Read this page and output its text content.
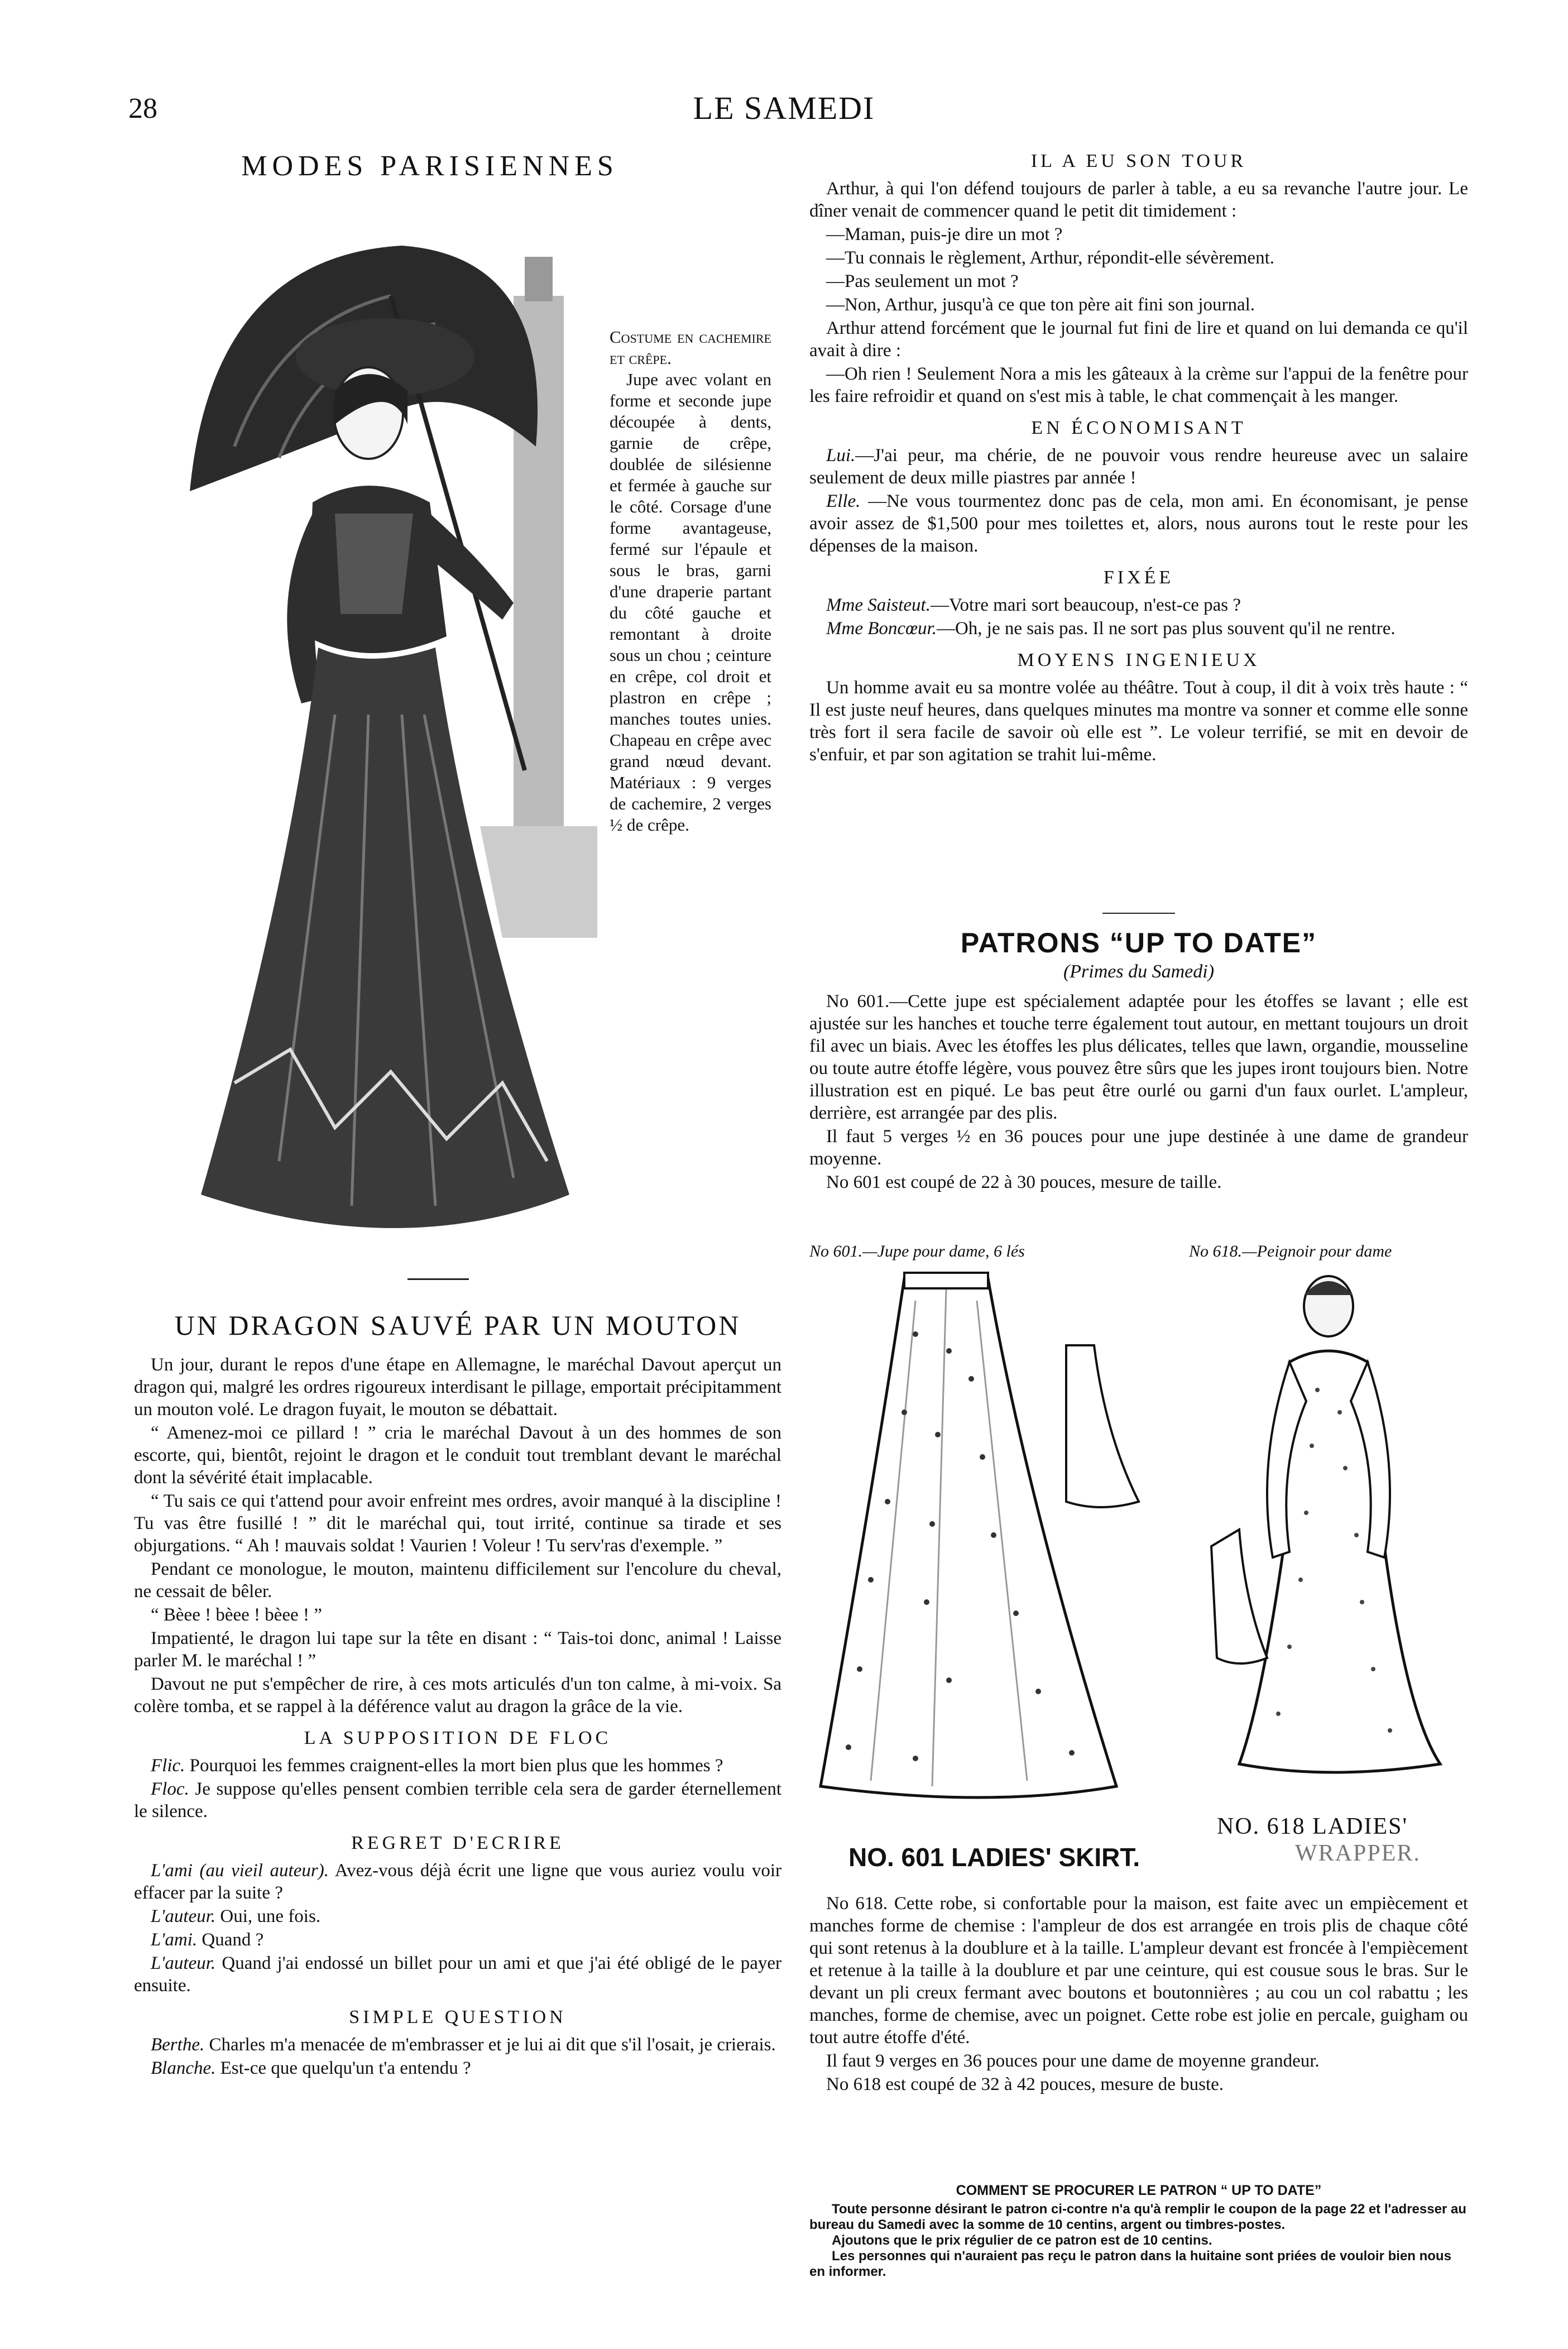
28	LE SAMEDI
MODES PARISIENNES

Costume en cachemire et crêpe.

Jupe avec volant en forme et seconde jupe découpée à dents, garnie de crêpe, doublée de silésienne et fermée à gauche sur le côté. Corsage d'une forme avantageuse, fermé sur l'épaule et sous le bras, garni d'une draperie partant du côté gauche et remontant à droite sous un chou ; ceinture en crêpe, col droit et plastron en crêpe ; manches toutes unies. Chapeau en crêpe avec grand nœud devant. Matériaux : 9 verges de cachemire, 2 verges ½ de crêpe.

UN DRAGON SAUVÉ PAR UN MOUTON

Un jour, durant le repos d'une étape en Allemagne, le maréchal Davout aperçut un dragon qui, malgré les ordres rigoureux interdisant le pillage, emportait précipitamment un mouton volé. Le dragon fuyait, le mouton se débattait.

“ Amenez-moi ce pillard ! ” cria le maréchal Davout à un des hommes de son escorte, qui, bientôt, rejoint le dragon et le conduit tout tremblant devant le maréchal dont la sévérité était implacable.

“ Tu sais ce qui t'attend pour avoir enfreint mes ordres, avoir manqué à la discipline ! Tu vas être fusillé ! ” dit le maréchal qui, tout irrité, continue sa tirade et ses objurgations. “ Ah ! mauvais soldat ! Vaurien ! Voleur ! Tu serv'ras d'exemple. ”

Pendant ce monologue, le mouton, maintenu difficilement sur l'encolure du cheval, ne cessait de bêler.

“ Bèee ! bèee ! bèee ! ”

Impatienté, le dragon lui tape sur la tête en disant : “ Tais-toi donc, animal ! Laisse parler M. le maréchal ! ”

Davout ne put s'empêcher de rire, à ces mots articulés d'un ton calme, à mi-voix. Sa colère tomba, et se rappel à la déférence valut au dragon la grâce de la vie.

LA SUPPOSITION DE FLOC

Flic. Pourquoi les femmes craignent-elles la mort bien plus que les hommes ?

Floc. Je suppose qu'elles pensent combien terrible cela sera de garder éternellement le silence.

REGRET D'ECRIRE

L'ami (au vieil auteur). Avez-vous déjà écrit une ligne que vous auriez voulu voir effacer par la suite ?

L'auteur. Oui, une fois.

L'ami. Quand ?

L'auteur. Quand j'ai endossé un billet pour un ami et que j'ai été obligé de le payer ensuite.

SIMPLE QUESTION

Berthe. Charles m'a menacée de m'embrasser et je lui ai dit que s'il l'osait, je crierais.

Blanche. Est-ce que quelqu'un t'a entendu ?

IL A EU SON TOUR

Arthur, à qui l'on défend toujours de parler à table, a eu sa revanche l'autre jour. Le dîner venait de commencer quand le petit dit timidement :

—Maman, puis-je dire un mot ?

—Tu connais le règlement, Arthur, répondit-elle sévèrement.

—Pas seulement un mot ?

—Non, Arthur, jusqu'à ce que ton père ait fini son journal.

Arthur attend forcément que le journal fut fini de lire et quand on lui demanda ce qu'il avait à dire :

—Oh rien ! Seulement Nora a mis les gâteaux à la crème sur l'appui de la fenêtre pour les faire refroidir et quand on s'est mis à table, le chat commençait à les manger.

EN ÉCONOMISANT

Lui.—J'ai peur, ma chérie, de ne pouvoir vous rendre heureuse avec un salaire seulement de deux mille piastres par année !

Elle. —Ne vous tourmentez donc pas de cela, mon ami. En économisant, je pense avoir assez de $1,500 pour mes toilettes et, alors, nous aurons tout le reste pour les dépenses de la maison.

FIXÉE

Mme Saisteut.—Votre mari sort beaucoup, n'est-ce pas ?

Mme Boncœur.—Oh, je ne sais pas. Il ne sort pas plus souvent qu'il ne rentre.

MOYENS INGENIEUX

Un homme avait eu sa montre volée au théâtre. Tout à coup, il dit à voix très haute : “ Il est juste neuf heures, dans quelques minutes ma montre va sonner et comme elle sonne très fort il sera facile de savoir où elle est ”. Le voleur terrifié, se mit en devoir de s'enfuir, et par son agitation se trahit lui-même.

PATRONS “UP TO DATE”
(Primes du Samedi)

No 601.—Cette jupe est spécialement adaptée pour les étoffes se lavant ; elle est ajustée sur les hanches et touche terre également tout autour, en mettant toujours un droit fil avec un biais. Avec les étoffes les plus délicates, telles que lawn, organdie, mousseline ou toute autre étoffe légère, vous pouvez être sûrs que les jupes iront toujours bien. Notre illustration est en piqué. Le bas peut être ourlé ou garni d'un faux ourlet. L'ampleur, derrière, est arrangée par des plis.

Il faut 5 verges ½ en 36 pouces pour une jupe destinée à une dame de grandeur moyenne.

No 601 est coupé de 22 à 30 pouces, mesure de taille.

No 601.—Jupe pour dame, 6 lés	No 618.—Peignoir pour dame
NO. 601 LADIES' SKIRT.
NO. 618 LADIES'
WRAPPER.

No 618. Cette robe, si confortable pour la maison, est faite avec un empiècement et manches forme de chemise : l'ampleur de dos est arrangée en trois plis de chaque côté qui sont retenus à la doublure et à la taille. L'ampleur devant est froncée à l'empiècement et retenue à la taille à la doublure et par une ceinture, qui est cousue sous le bras. Sur le devant un pli creux fermant avec boutons et boutonnières ; au cou un col rabattu ; les manches, forme de chemise, avec un poignet. Cette robe est jolie en percale, guigham ou tout autre étoffe d'été.

Il faut 9 verges en 36 pouces pour une dame de moyenne grandeur.

No 618 est coupé de 32 à 42 pouces, mesure de buste.

COMMENT SE PROCURER LE PATRON “ UP TO DATE”

Toute personne désirant le patron ci-contre n'a qu'à remplir le coupon de la page 22 et l'adresser au bureau du Samedi avec la somme de 10 centins, argent ou timbres-postes.

Ajoutons que le prix régulier de ce patron est de 10 centins.

Les personnes qui n'auraient pas reçu le patron dans la huitaine sont priées de vouloir bien nous en informer.
